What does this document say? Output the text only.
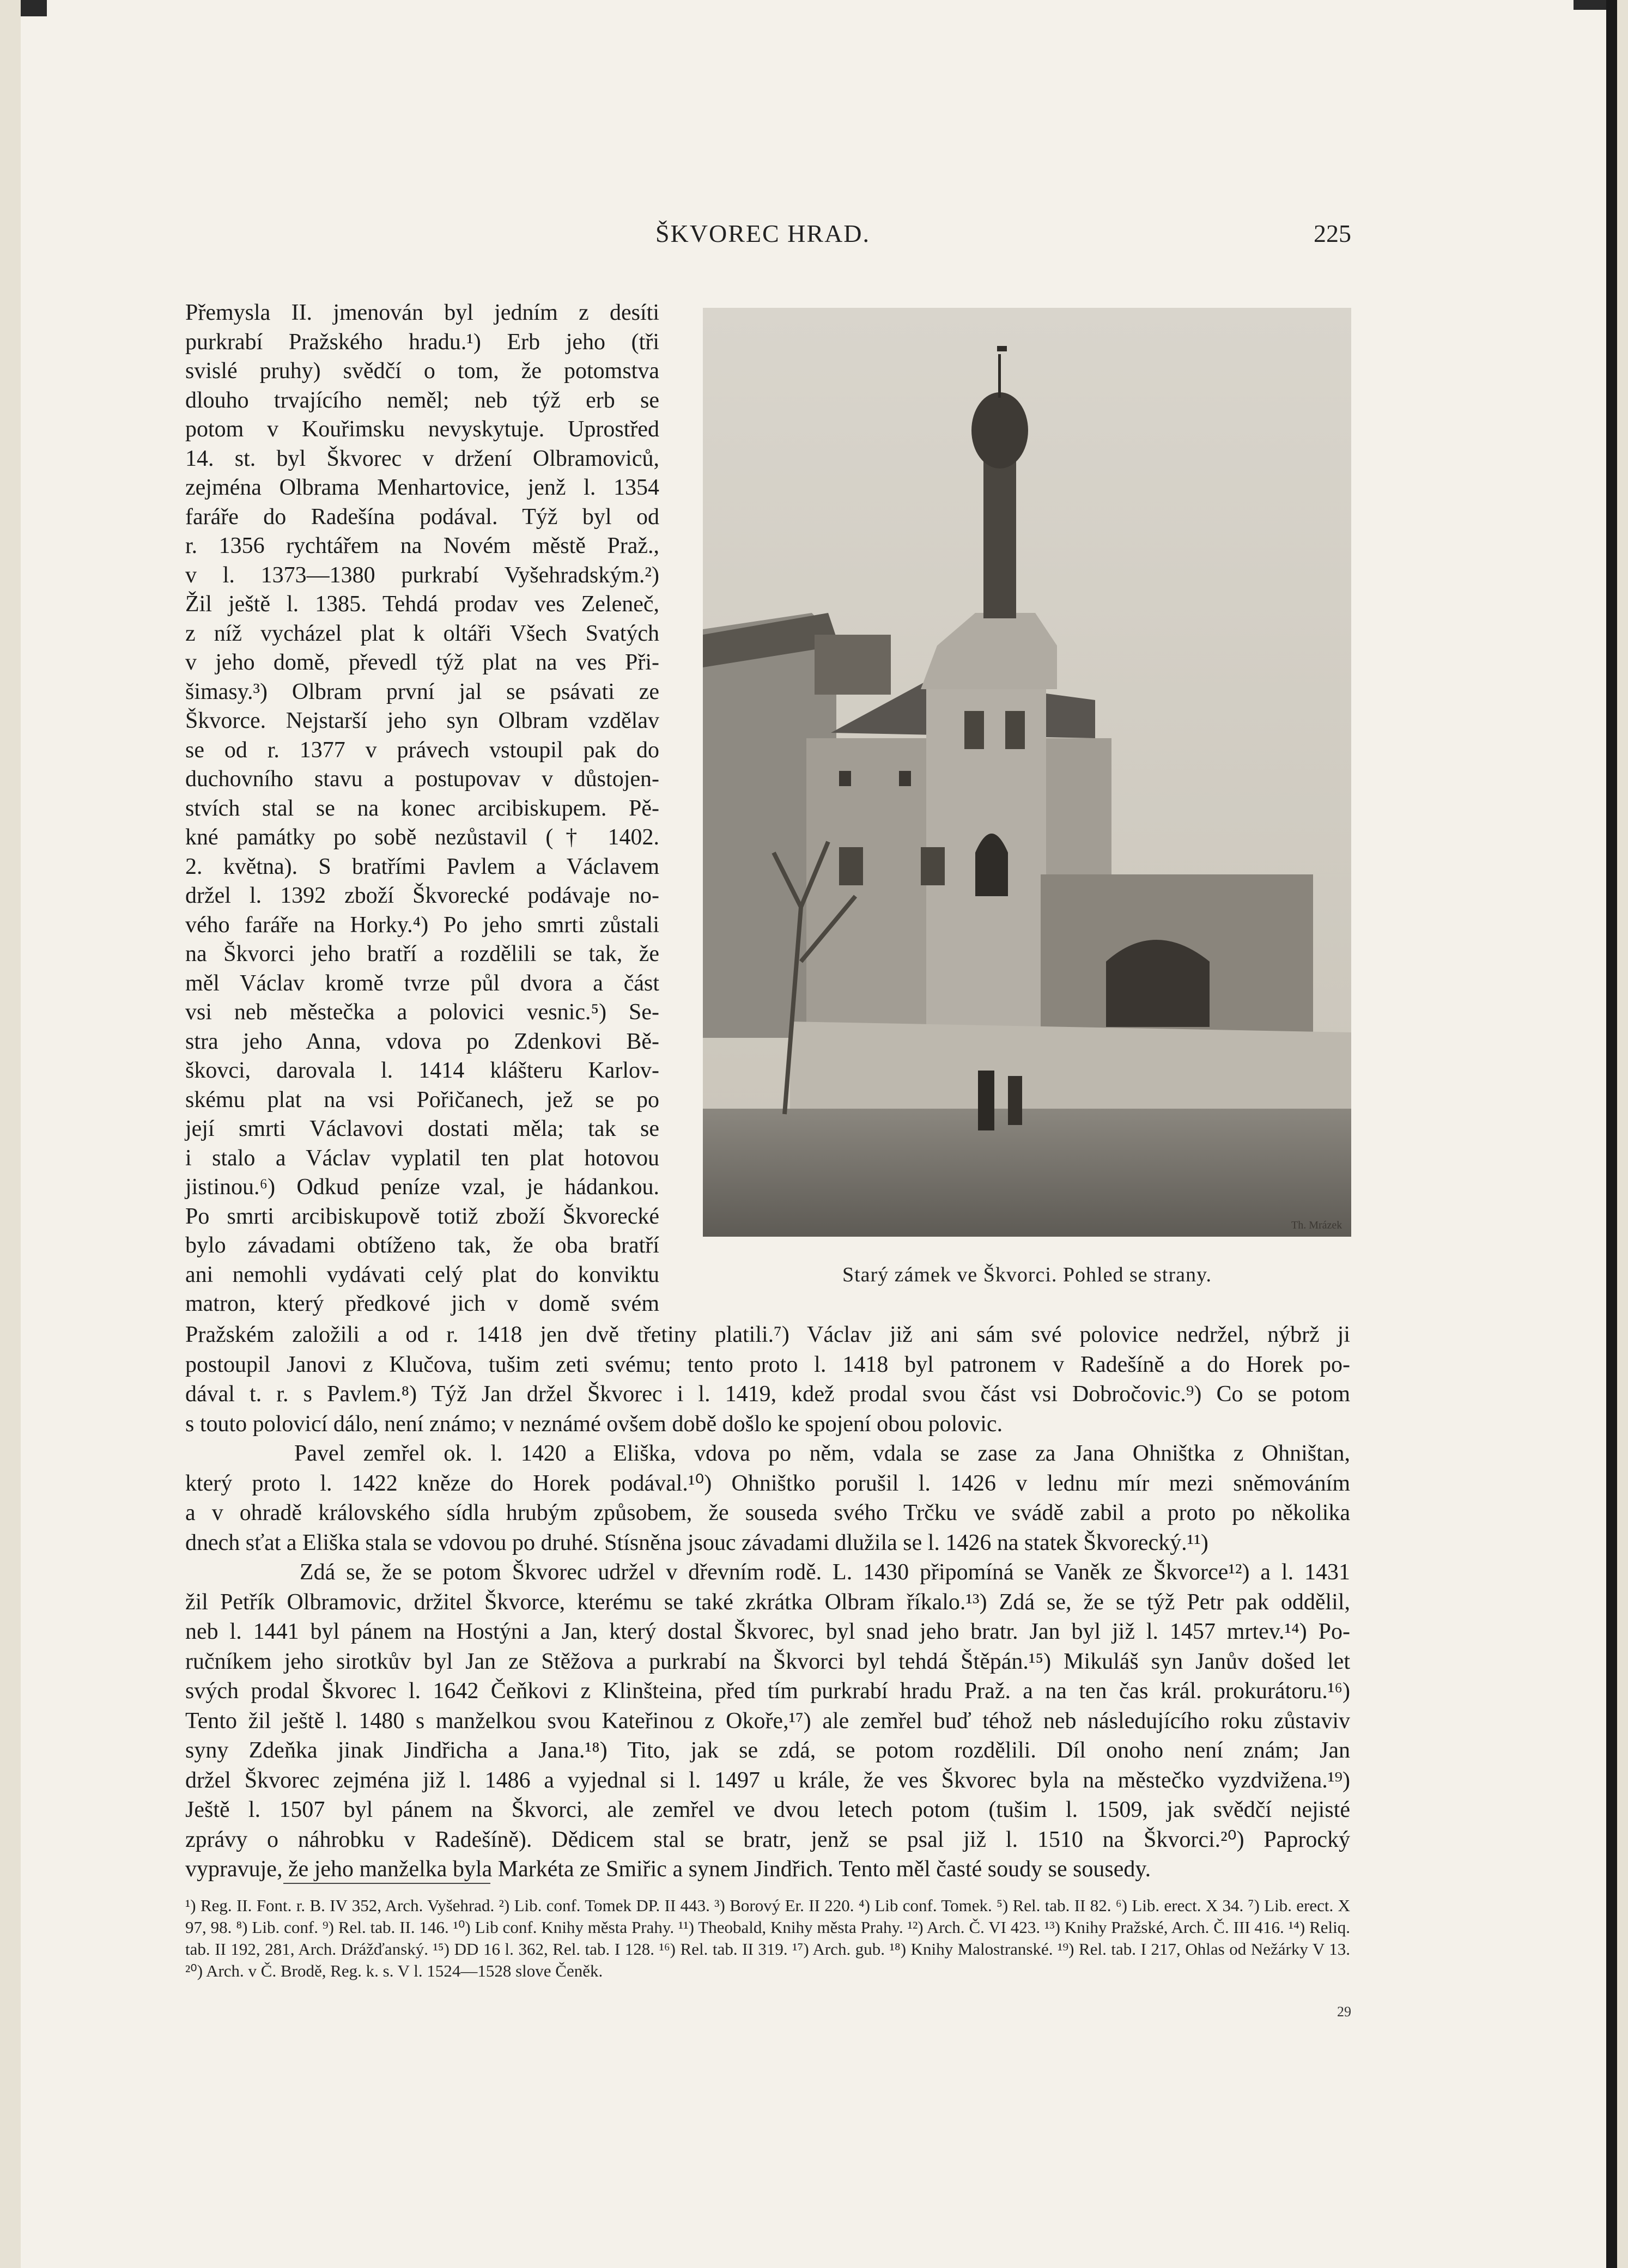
ŠKVOREC HRAD.	225
Přemysla II. jmenován byl jedním z desíti
purkrabí Pražského hradu.¹) Erb jeho (tři
svislé pruhy) svědčí o tom, že potomstva
dlouho trvajícího neměl; neb týž erb se
potom v Kouřimsku nevyskytuje. Uprostřed
14. st. byl Škvorec v držení Olbramoviců,
zejména Olbrama Menhartovice, jenž l. 1354
faráře do Radešína podával. Týž byl od
r. 1356 rychtářem na Novém městě Praž.,
v l. 1373—1380 purkrabí Vyšehradským.²)
Žil ještě l. 1385. Tehdá prodav ves Zeleneč,
z níž vycházel plat k oltáři Všech Svatých
v jeho domě, převedl týž plat na ves Při-
šimasy.³) Olbram první jal se psávati ze
Škvorce. Nejstarší jeho syn Olbram vzdělav
se od r. 1377 v právech vstoupil pak do
duchovního stavu a postupovav v důstojen-
stvích stal se na konec arcibiskupem. Pě-
kné památky po sobě nezůstavil († 1402.
2. května). S bratřími Pavlem a Václavem
držel l. 1392 zboží Škvorecké podávaje no-
vého faráře na Horky.⁴) Po jeho smrti zůstali
na Škvorci jeho bratří a rozdělili se tak, že
měl Václav kromě tvrze půl dvora a část
vsi neb městečka a polovici vesnic.⁵) Se-
stra jeho Anna, vdova po Zdenkovi Bě-
škovci, darovala l. 1414 klášteru Karlov-
skému plat na vsi Pořičanech, jež se po
její smrti Václavovi dostati měla; tak se
i stalo a Václav vyplatil ten plat hotovou
jistinou.⁶) Odkud peníze vzal, je hádankou.
Po smrti arcibiskupově totiž zboží Škvorecké
bylo závadami obtíženo tak, že oba bratří
ani nemohli vydávati celý plat do konviktu
matron, který předkové jich v domě svém
Th. Mrázek
Starý zámek ve Škvorci. Pohled se strany.
Pražském založili a od r. 1418 jen dvě třetiny platili.⁷) Václav již ani sám své polovice nedržel, nýbrž ji
postoupil Janovi z Klučova, tušim zeti svému; tento proto l. 1418 byl patronem v Radešíně a do Horek po-
dával t. r. s Pavlem.⁸) Týž Jan držel Škvorec i l. 1419, kdež prodal svou část vsi Dobročovic.⁹) Co se potom
s touto polovicí dálo, není známo; v neznámé ovšem době došlo ke spojení obou polovic.
Pavel zemřel ok. l. 1420 a Eliška, vdova po něm, vdala se zase za Jana Ohništka z Ohništan,
který proto l. 1422 kněze do Horek podával.¹⁰) Ohništko porušil l. 1426 v lednu mír mezi sněmováním
a v ohradě královského sídla hrubým způsobem, že souseda svého Trčku ve svádě zabil a proto po několika
dnech sťat a Eliška stala se vdovou po druhé. Stísněna jsouc závadami dlužila se l. 1426 na statek Škvorecký.¹¹)
Zdá se, že se potom Škvorec udržel v dřevním rodě. L. 1430 připomíná se Vaněk ze Škvorce¹²) a l. 1431
žil Petřík Olbramovic, držitel Škvorce, kterému se také zkrátka Olbram říkalo.¹³) Zdá se, že se týž Petr pak oddělil,
neb l. 1441 byl pánem na Hostýni a Jan, který dostal Škvorec, byl snad jeho bratr. Jan byl již l. 1457 mrtev.¹⁴) Po-
ručníkem jeho sirotkův byl Jan ze Stěžova a purkrabí na Škvorci byl tehdá Štěpán.¹⁵) Mikuláš syn Janův došed let
svých prodal Škvorec l. 1642 Čeňkovi z Klinšteina, před tím purkrabí hradu Praž. a na ten čas král. prokurátoru.¹⁶)
Tento žil ještě l. 1480 s manželkou svou Kateřinou z Okoře,¹⁷) ale zemřel buď téhož neb následujícího roku zůstaviv
syny Zdeňka jinak Jindřicha a Jana.¹⁸) Tito, jak se zdá, se potom rozdělili. Díl onoho není znám; Jan
držel Škvorec zejména již l. 1486 a vyjednal si l. 1497 u krále, že ves Škvorec byla na městečko vyzdvižena.¹⁹)
Ještě l. 1507 byl pánem na Škvorci, ale zemřel ve dvou letech potom (tušim l. 1509, jak svědčí nejisté
zprávy o náhrobku v Radešíně). Dědicem stal se bratr, jenž se psal již l. 1510 na Škvorci.²⁰) Paprocký
vypravuje, že jeho manželka byla Markéta ze Smiřic a synem Jindřich. Tento měl časté soudy se sousedy.
¹) Reg. II. Font. r. B. IV 352, Arch. Vyšehrad. ²) Lib. conf. Tomek DP. II 443. ³) Borový Er. II 220. ⁴) Lib conf. Tomek. ⁵) Rel. tab. II 82. ⁶) Lib. erect. X 34. ⁷) Lib. erect. X 97, 98. ⁸) Lib. conf. ⁹) Rel. tab. II. 146. ¹⁰) Lib conf. Knihy města Prahy. ¹¹) Theobald, Knihy města Prahy. ¹²) Arch. Č. VI 423. ¹³) Knihy Pražské, Arch. Č. III 416. ¹⁴) Reliq. tab. II 192, 281, Arch. Drážďanský. ¹⁵) DD 16 l. 362, Rel. tab. I 128. ¹⁶) Rel. tab. II 319. ¹⁷) Arch. gub. ¹⁸) Knihy Malostranské. ¹⁹) Rel. tab. I 217, Ohlas od Nežárky V 13. ²⁰) Arch. v Č. Brodě, Reg. k. s. V l. 1524—1528 slove Čeněk.
29
